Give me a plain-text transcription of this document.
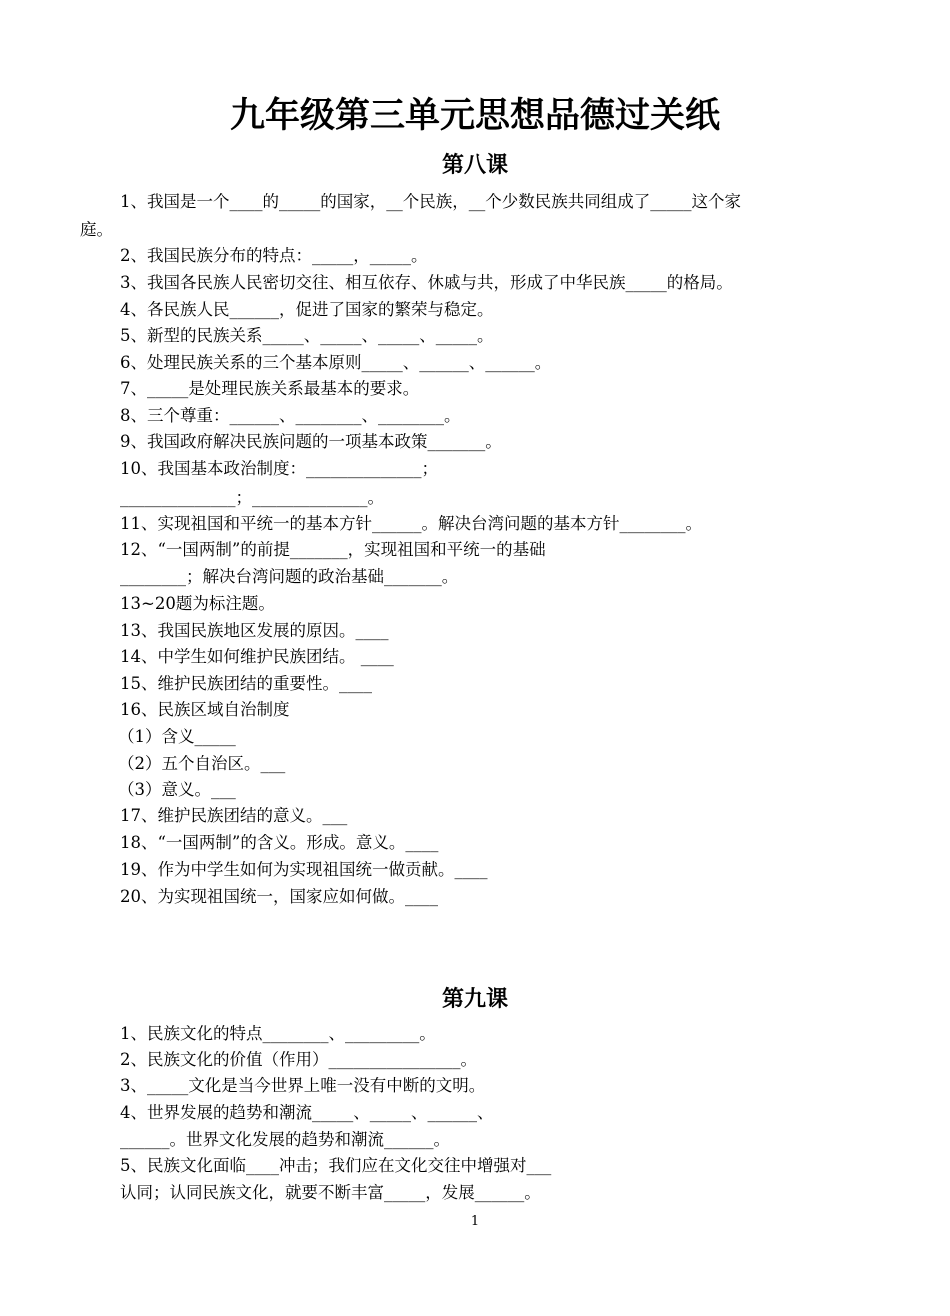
九年级第三单元思想品德过关纸
第八课
1、我国是一个____的_____的国家，__个民族，__个少数民族共同组成了_____这个家
庭。
2、我国民族分布的特点：_____，_____。
3、我国各民族人民密切交往、相互依存、休戚与共，形成了中华民族_____的格局。
4、各民族人民______，促进了国家的繁荣与稳定。
5、新型的民族关系_____、_____、_____、_____。
6、处理民族关系的三个基本原则_____、______、______。
7、_____是处理民族关系最基本的要求。
8、三个尊重：______、________、________。
9、我国政府解决民族问题的一项基本政策_______。
10、我国基本政治制度：______________；
______________；______________。
11、实现祖国和平统一的基本方针______。解决台湾问题的基本方针________。
12、“一国两制”的前提_______，实现祖国和平统一的基础
________；解决台湾问题的政治基础_______。
13~20题为标注题。
13、我国民族地区发展的原因。____
14、中学生如何维护民族团结。 ____
15、维护民族团结的重要性。____
16、民族区域自治制度
（1）含义_____
（2）五个自治区。___
（3）意义。___
17、维护民族团结的意义。___
18、“一国两制”的含义。形成。意义。____
19、作为中学生如何为实现祖国统一做贡献。____
20、为实现祖国统一，国家应如何做。____
第九课
1、民族文化的特点________、_________。
2、民族文化的价值（作用）________________。
3、_____文化是当今世界上唯一没有中断的文明。
4、世界发展的趋势和潮流_____、_____、______、
______。世界文化发展的趋势和潮流______。
5、民族文化面临____冲击；我们应在文化交往中增强对___
认同；认同民族文化，就要不断丰富_____，发展______。
1
